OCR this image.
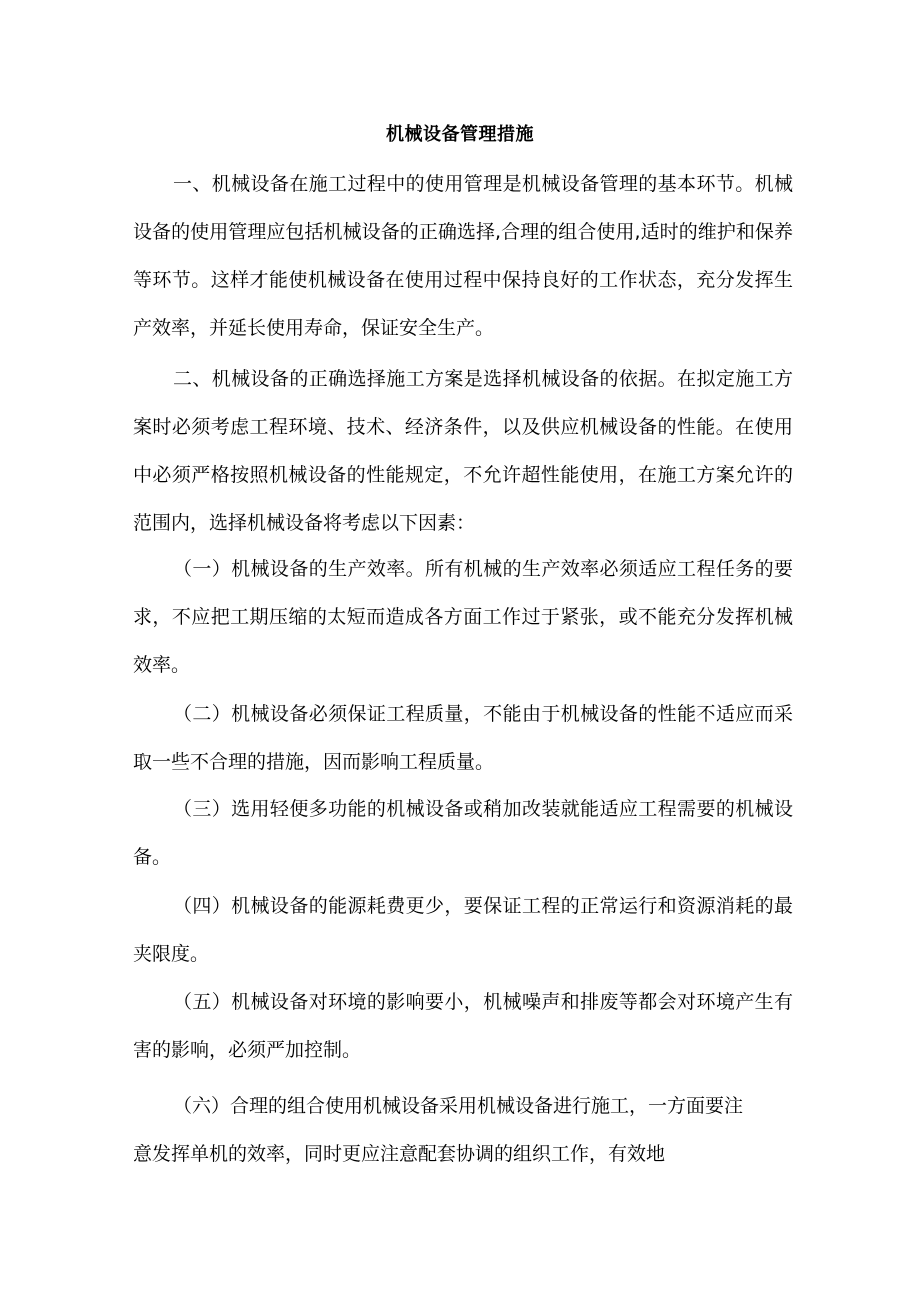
机械设备管理措施

一、机械设备在施工过程中的使用管理是机械设备管理的基本环节。机械设备的使用管理应包括机械设备的正确选择,合理的组合使用,适时的维护和保养等环节。这样才能使机械设备在使用过程中保持良好的工作状态，充分发挥生产效率，并延长使用寿命，保证安全生产。

二、机械设备的正确选择施工方案是选择机械设备的依据。在拟定施工方案时必须考虑工程环境、技术、经济条件，以及供应机械设备的性能。在使用中必须严格按照机械设备的性能规定，不允许超性能使用，在施工方案允许的范围内，选择机械设备将考虑以下因素：

（一）机械设备的生产效率。所有机械的生产效率必须适应工程任务的要求，不应把工期压缩的太短而造成各方面工作过于紧张，或不能充分发挥机械效率。

（二）机械设备必须保证工程质量，不能由于机械设备的性能不适应而采取一些不合理的措施，因而影响工程质量。

（三）选用轻便多功能的机械设备或稍加改装就能适应工程需要的机械设备。

（四）机械设备的能源耗费更少，要保证工程的正常运行和资源消耗的最夹限度。

（五）机械设备对环境的影响要小，机械噪声和排废等都会对环境产生有害的影响，必须严加控制。

（六）合理的组合使用机械设备采用机械设备进行施工，一方面要注意发挥单机的效率，同时更应注意配套协调的组织工作，有效地
